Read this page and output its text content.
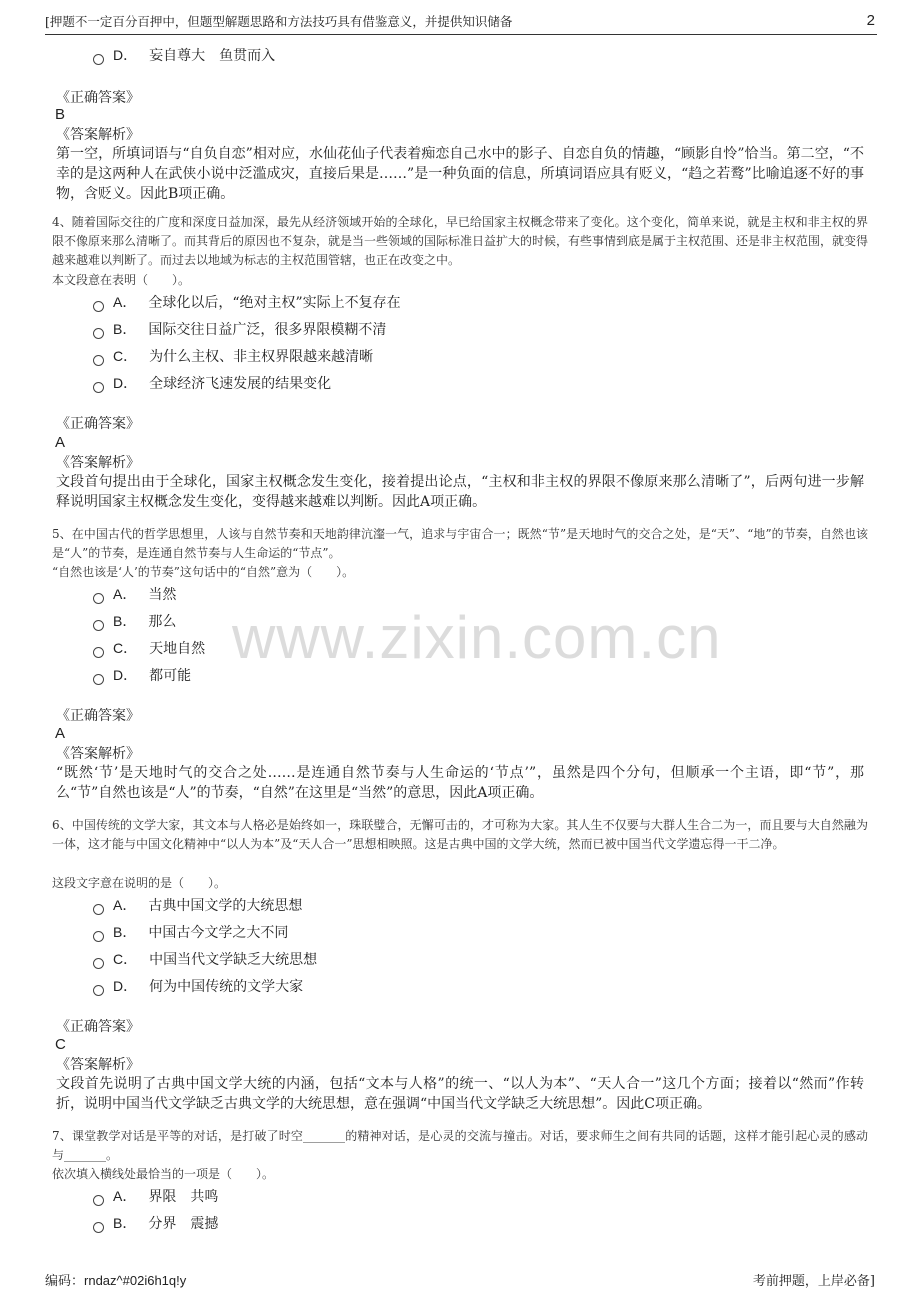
[押题不一定百分百押中，但题型解题思路和方法技巧具有借鉴意义，并提供知识储备	2
D． 妄自尊大　鱼贯而入
《正确答案》
B
《答案解析》
第一空，所填词语与“自负自恋”相对应，水仙花仙子代表着痴恋自己水中的影子、自恋自负的情趣，“顾影自怜”恰当。第二空，“不幸的是这两种人在武侠小说中泛滥成灾，直接后果是……”是一种负面的信息，所填词语应具有贬义，“趋之若鹜”比喻追逐不好的事物，含贬义。因此B项正确。
4、随着国际交往的广度和深度日益加深，最先从经济领域开始的全球化，早已给国家主权概念带来了变化。这个变化，简单来说，就是主权和非主权的界限不像原来那么清晰了。而其背后的原因也不复杂，就是当一些领域的国际标准日益扩大的时候，有些事情到底是属于主权范围、还是非主权范围，就变得越来越难以判断了。而过去以地域为标志的主权范围管辖，也正在改变之中。
本文段意在表明（　　）。
A． 全球化以后，“绝对主权”实际上不复存在
B． 国际交往日益广泛，很多界限模糊不清
C． 为什么主权、非主权界限越来越清晰
D． 全球经济飞速发展的结果变化
《正确答案》
A
《答案解析》
文段首句提出由于全球化，国家主权概念发生变化，接着提出论点，“主权和非主权的界限不像原来那么清晰了”，后两句进一步解释说明国家主权概念发生变化，变得越来越难以判断。因此A项正确。
5、在中国古代的哲学思想里，人该与自然节奏和天地韵律沆瀣一气，追求与宇宙合一；既然“节”是天地时气的交合之处，是“天”、“地”的节奏，自然也该是“人”的节奏，是连通自然节奏与人生命运的“节点”。
“自然也该是‘人’的节奏”这句话中的“自然”意为（　　）。
A． 当然
B． 那么
C． 天地自然
D． 都可能
《正确答案》
A
《答案解析》
“既然‘节’是天地时气的交合之处……是连通自然节奏与人生命运的‘节点’”，虽然是四个分句，但顺承一个主语，即“节”，那么“节”自然也该是“人”的节奏，“自然”在这里是“当然”的意思，因此A项正确。
6、中国传统的文学大家，其文本与人格必是始终如一，珠联璧合，无懈可击的，才可称为大家。其人生不仅要与大群人生合二为一，而且要与大自然融为一体，这才能与中国文化精神中“以人为本”及“天人合一”思想相映照。这是古典中国的文学大统，然而已被中国当代文学遗忘得一干二净。
这段文字意在说明的是（　　）。
A． 古典中国文学的大统思想
B． 中国古今文学之大不同
C． 中国当代文学缺乏大统思想
D． 何为中国传统的文学大家
《正确答案》
C
《答案解析》
文段首先说明了古典中国文学大统的内涵，包括“文本与人格”的统一、“以人为本”、“天人合一”这几个方面；接着以“然而”作转折，说明中国当代文学缺乏古典文学的大统思想，意在强调“中国当代文学缺乏大统思想”。因此C项正确。
7、课堂教学对话是平等的对话，是打破了时空_______的精神对话，是心灵的交流与撞击。对话，要求师生之间有共同的话题，这样才能引起心灵的感动与_______。
依次填入横线处最恰当的一项是（　　）。
A． 界限　共鸣
B． 分界　震撼
www.zixin.com.cn
编码：rndaz^#02i6h1q!y	考前押题，上岸必备]
